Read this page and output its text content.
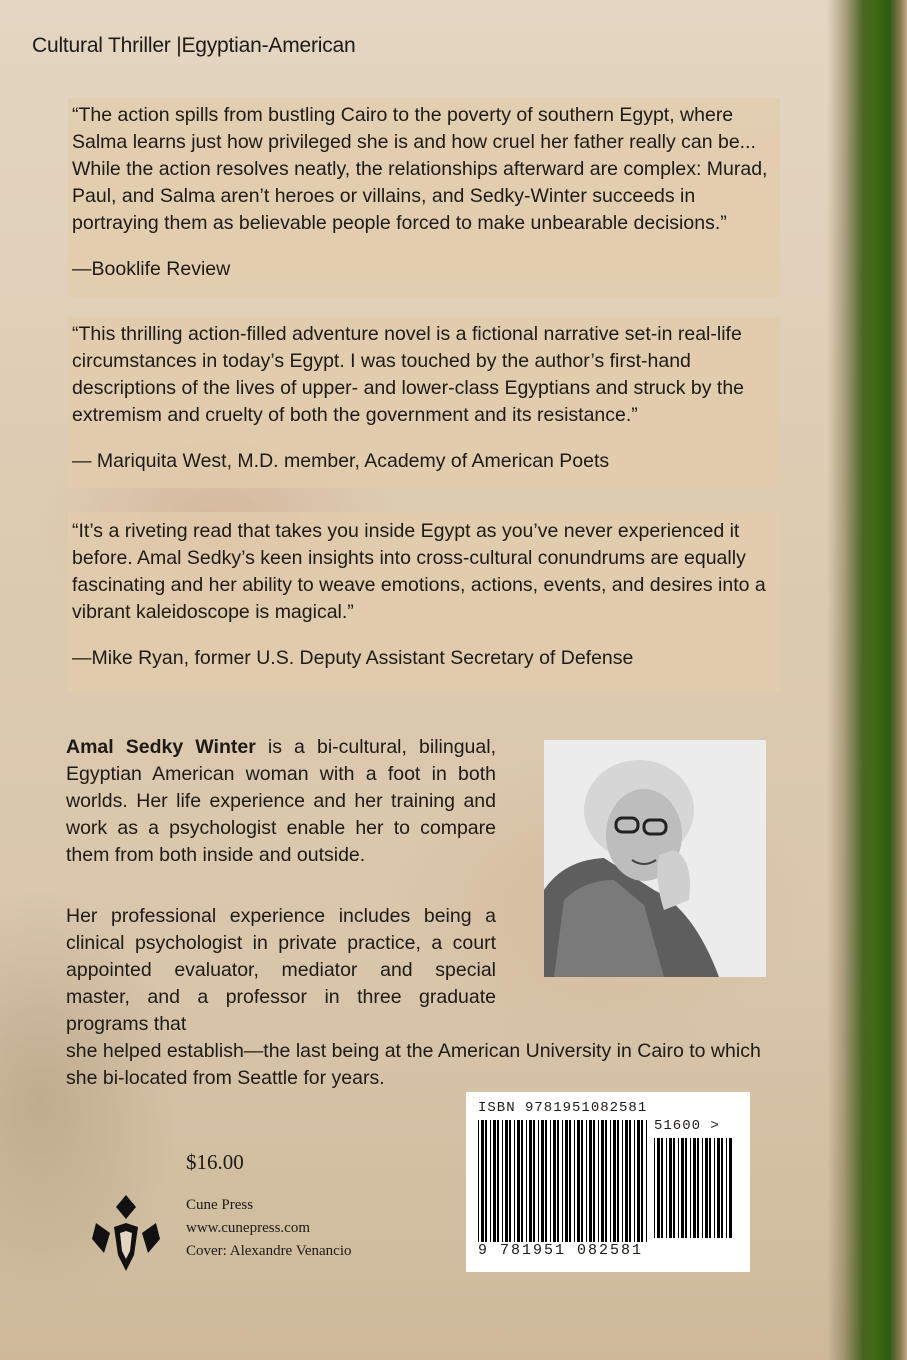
Cultural Thriller |Egyptian-American

“The action spills from bustling Cairo to the poverty of southern Egypt, where Salma learns just how privileged she is and how cruel her father really can be... While the action resolves neatly, the relationships afterward are complex: Murad, Paul, and Salma aren’t heroes or villains, and Sedky-Winter succeeds in portraying them as believable people forced to make unbearable decisions.”

—Booklife Review

“This thrilling action-filled adventure novel is a fictional narrative set-in real-life circumstances in today’s Egypt. I was touched by the author’s first-hand descriptions of the lives of upper- and lower-class Egyptians and struck by the extremism and cruelty of both the government and its resistance.”

— Mariquita West, M.D. member, Academy of American Poets

“It’s a riveting read that takes you inside Egypt as you’ve never experienced it before. Amal Sedky’s keen insights into cross-cultural conundrums are equally fascinating and her ability to weave emotions, actions, events, and desires into a vibrant kaleidoscope is magical.”

—Mike Ryan, former U.S. Deputy Assistant Secretary of Defense

Amal Sedky Winter is a bi-cultural, bilingual, Egyptian American woman with a foot in both worlds. Her life experience and her training and work as a psychologist enable her to compare them from both inside and outside.
Her professional experience includes being a clinical psychologist in private practice, a court appointed evaluator, mediator and special master, and a professor in three graduate programs that
she helped establish—the last being at the American University in Cairo to which she bi-located from Seattle for years.
$16.00
Cune Press
www.cunepress.com
Cover: Alexandre Venancio
ISBN 9781951082581
51600 >
9 781951 082581
